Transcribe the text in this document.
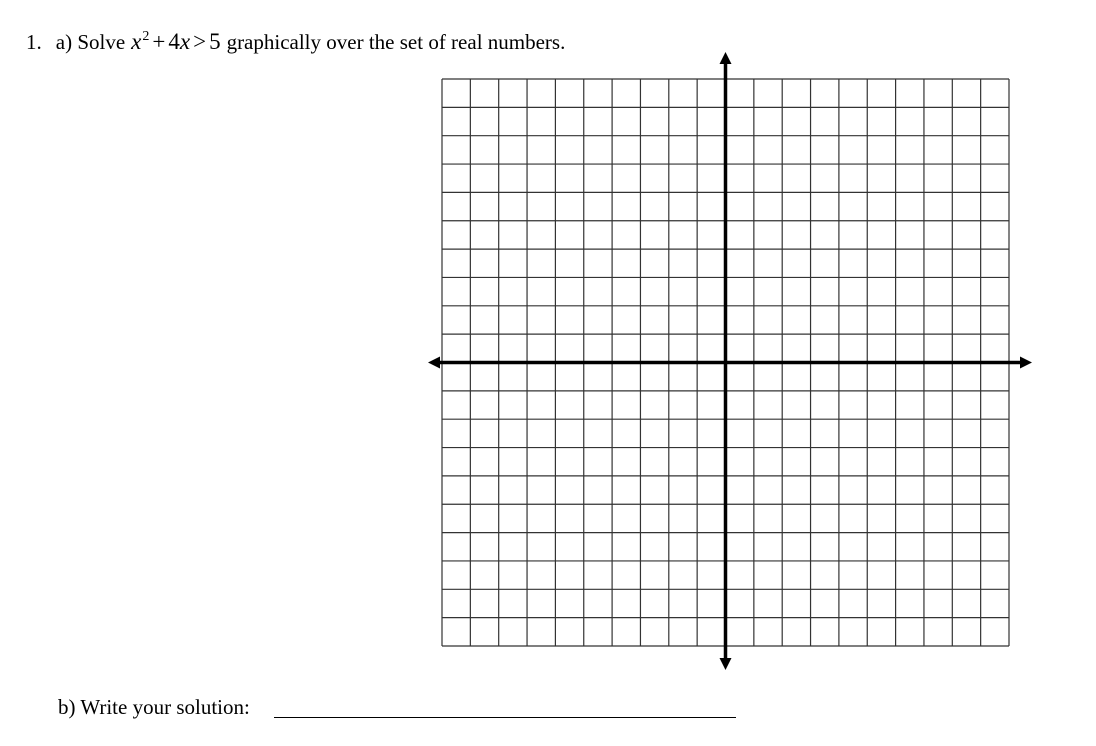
1. a) Solve $x^2 + 4x > 5$ graphically over the set of real numbers.
b) Write your solution:
